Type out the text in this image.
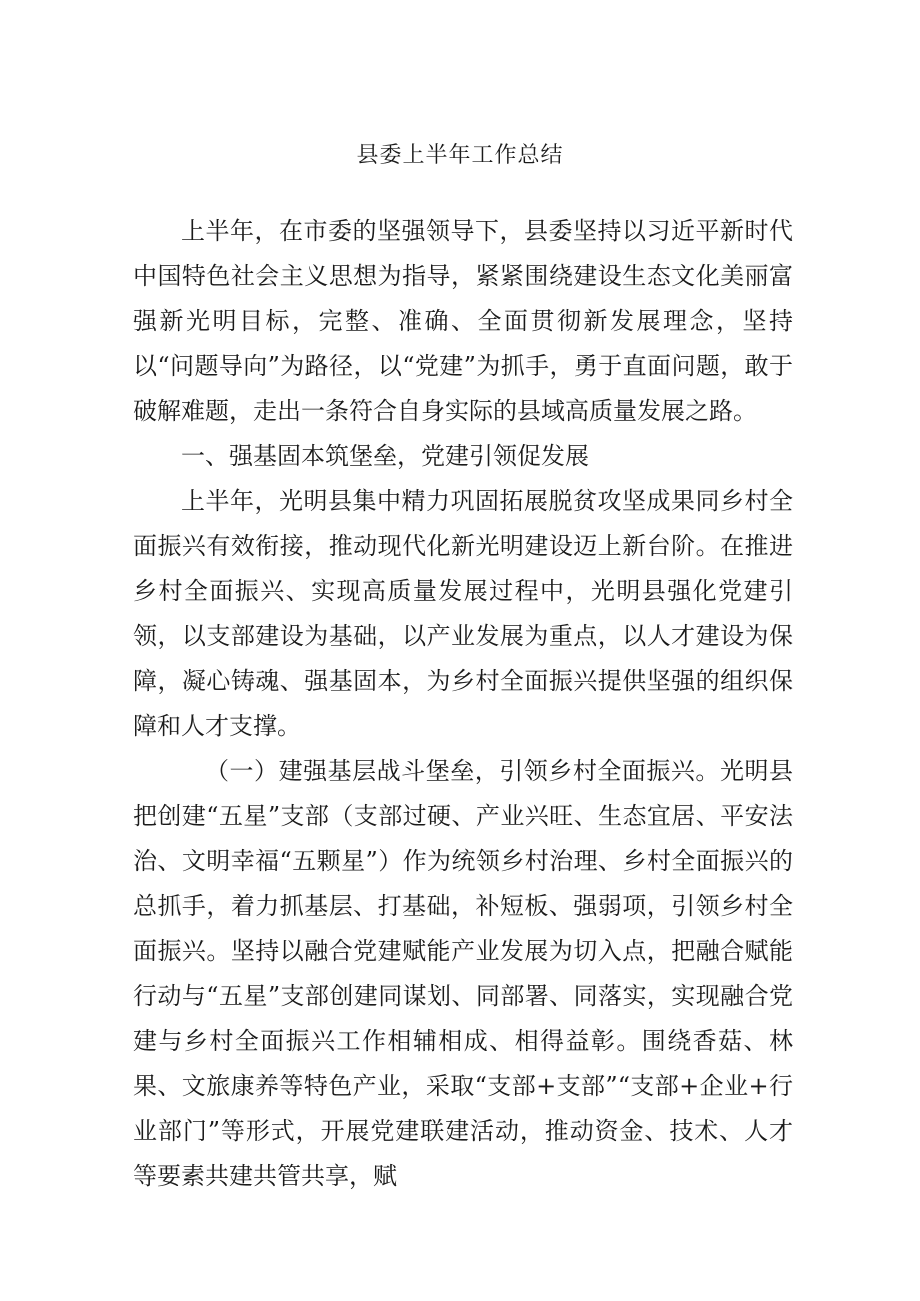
县委上半年工作总结

上半年，在市委的坚强领导下，县委坚持以习近平新时代中国特色社会主义思想为指导，紧紧围绕建设生态文化美丽富强新光明目标，完整、准确、全面贯彻新发展理念，坚持以“问题导向”为路径，以“党建”为抓手，勇于直面问题，敢于破解难题，走出一条符合自身实际的县域高质量发展之路。

一、强基固本筑堡垒，党建引领促发展

上半年，光明县集中精力巩固拓展脱贫攻坚成果同乡村全面振兴有效衔接，推动现代化新光明建设迈上新台阶。在推进乡村全面振兴、实现高质量发展过程中，光明县强化党建引领，以支部建设为基础，以产业发展为重点，以人才建设为保障，凝心铸魂、强基固本，为乡村全面振兴提供坚强的组织保障和人才支撑。

（一）建强基层战斗堡垒，引领乡村全面振兴。光明县把创建“五星”支部（支部过硬、产业兴旺、生态宜居、平安法治、文明幸福“五颗星”）作为统领乡村治理、乡村全面振兴的总抓手，着力抓基层、打基础，补短板、强弱项，引领乡村全面振兴。坚持以融合党建赋能产业发展为切入点，把融合赋能行动与“五星”支部创建同谋划、同部署、同落实，实现融合党建与乡村全面振兴工作相辅相成、相得益彰。围绕香菇、林果、文旅康养等特色产业，采取“支部+支部”“支部+企业+行业部门”等形式，开展党建联建活动，推动资金、技术、人才等要素共建共管共享，赋
